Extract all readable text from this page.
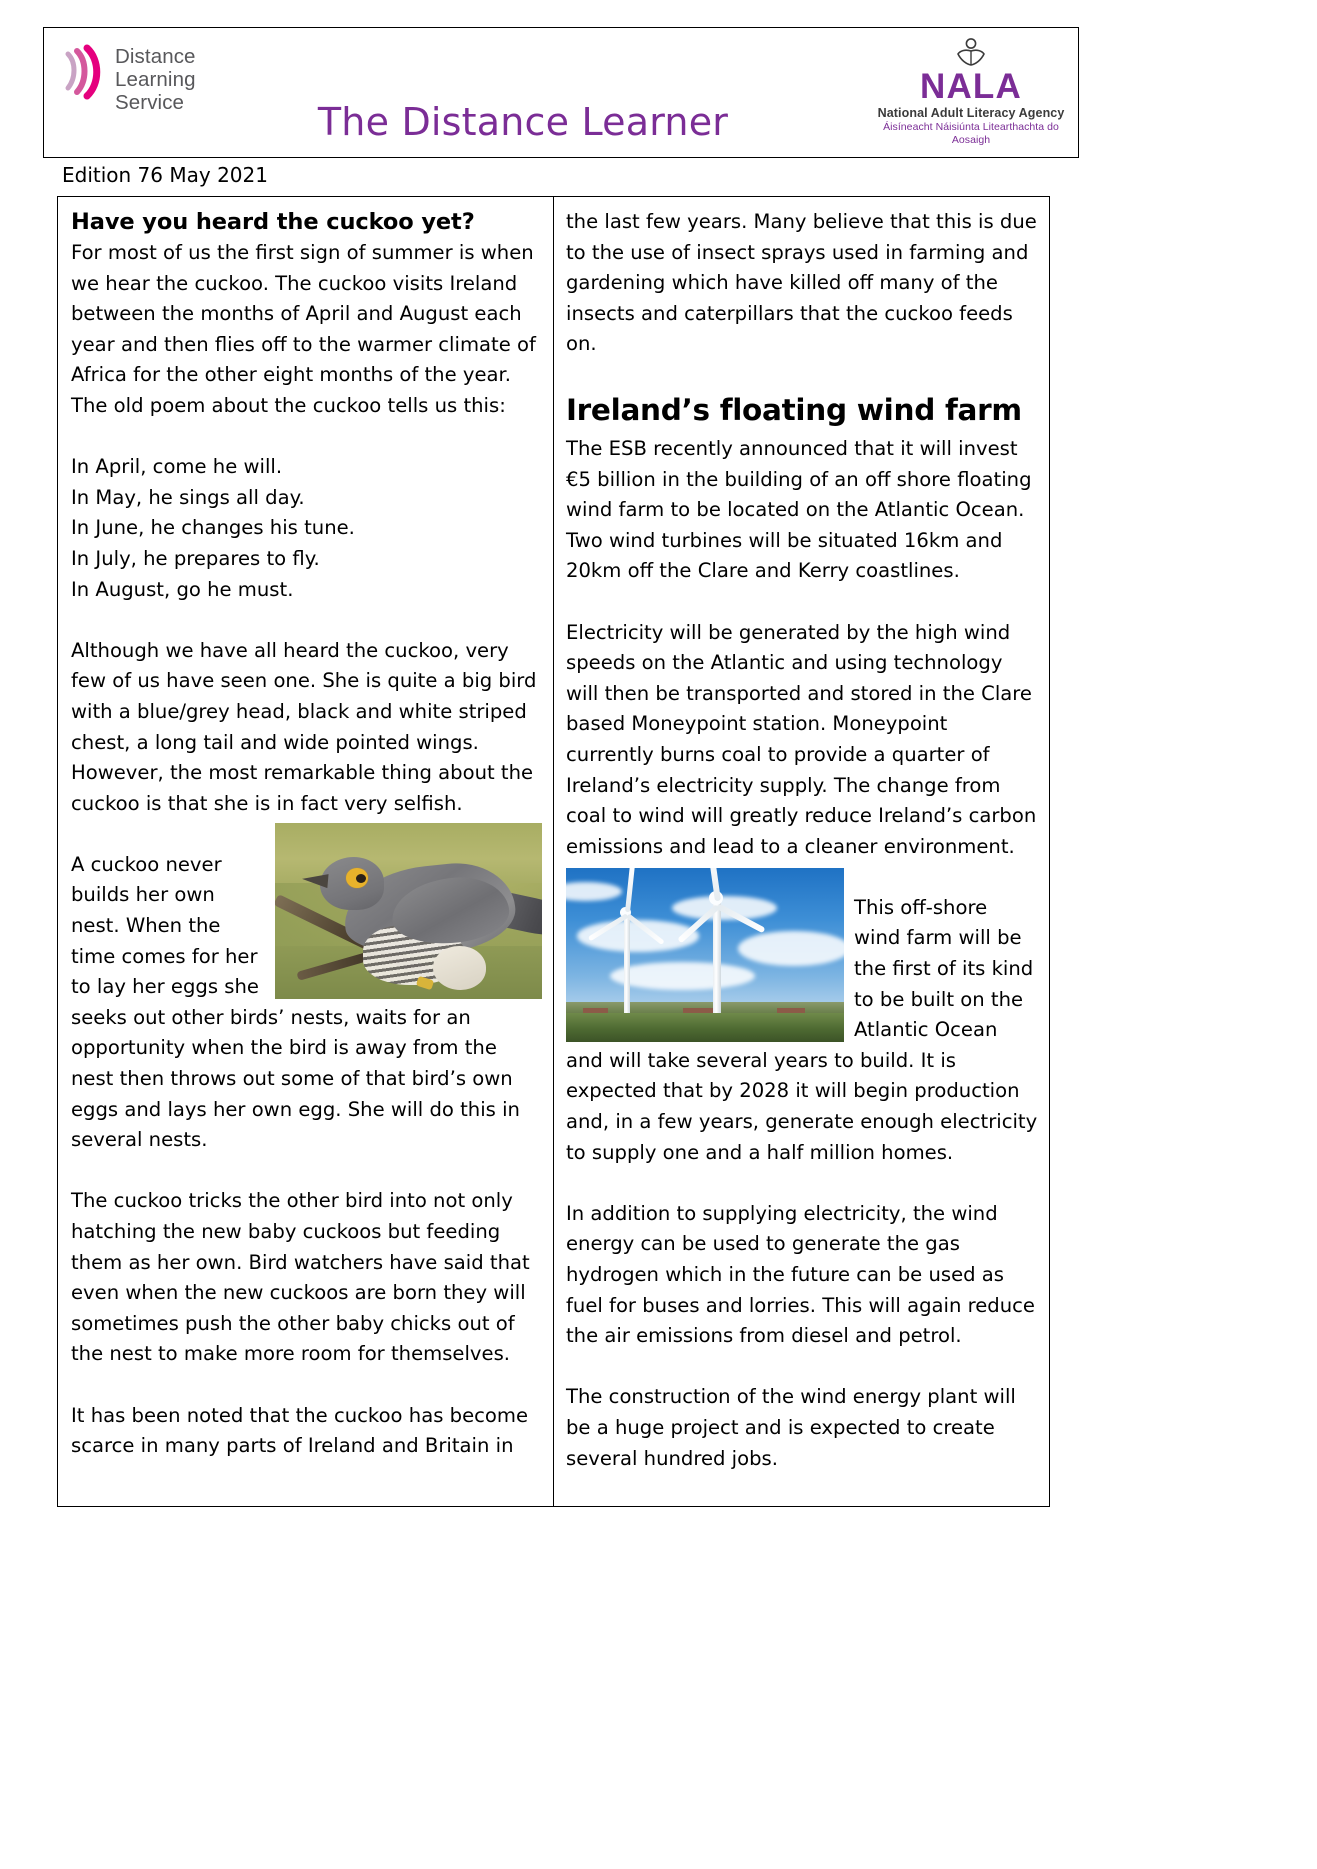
Distance
Learning
Service	The Distance Learner
NALA
National Adult Literacy Agency
Áisíneacht Náisiúnta Litearthachta do Aosaigh
Edition 76 May 2021
Have you heard the cuckoo yet?

For most of us the first sign of summer is when we hear the cuckoo. The cuckoo visits Ireland between the months of April and August each year and then flies off to the warmer climate of Africa for the other eight months of the year. The old poem about the cuckoo tells us this:

In April, come he will.
In May, he sings all day.
In June, he changes his tune.
In July, he prepares to fly.
In August, go he must.

Although we have all heard the cuckoo, very few of us have seen one. She is quite a big bird with a blue/grey head, black and white striped chest, a long tail and wide pointed wings. However, the most remarkable thing about the cuckoo is that she is in fact very selfish.

A cuckoo never builds her own nest. When the time comes for her to lay her eggs she seeks out other birds’ nests, waits for an opportunity when the bird is away from the nest then throws out some of that bird’s own eggs and lays her own egg. She will do this in several nests.

The cuckoo tricks the other bird into not only hatching the new baby cuckoos but feeding them as her own. Bird watchers have said that even when the new cuckoos are born they will sometimes push the other baby chicks out of the nest to make more room for themselves.

It has been noted that the cuckoo has become scarce in many parts of Ireland and Britain in

the last few years. Many believe that this is due to the use of insect sprays used in farming and gardening which have killed off many of the insects and caterpillars that the cuckoo feeds on.

Ireland’s floating wind farm

The ESB recently announced that it will invest €5 billion in the building of an off shore floating wind farm to be located on the Atlantic Ocean. Two wind turbines will be situated 16km and 20km off the Clare and Kerry coastlines.

Electricity will be generated by the high wind speeds on the Atlantic and using technology will then be transported and stored in the Clare based Moneypoint station. Moneypoint currently burns coal to provide a quarter of Ireland’s electricity supply. The change from coal to wind will greatly reduce Ireland’s carbon emissions and lead to a cleaner environment.

This off-shore wind farm will be the first of its kind to be built on the Atlantic Ocean and will take several years to build. It is expected that by 2028 it will begin production and, in a few years, generate enough electricity to supply one and a half million homes.

In addition to supplying electricity, the wind energy can be used to generate the gas hydrogen which in the future can be used as fuel for buses and lorries. This will again reduce the air emissions from diesel and petrol.

The construction of the wind energy plant will be a huge project and is expected to create several hundred jobs.
